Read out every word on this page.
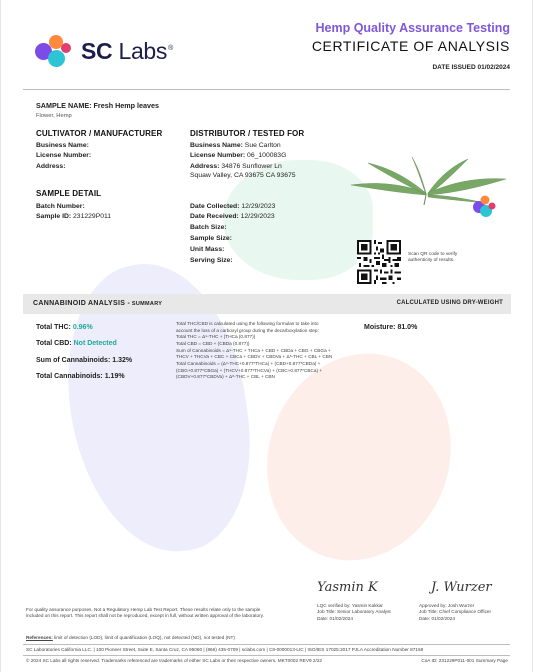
SC Labs®
Hemp Quality Assurance Testing
CERTIFICATE OF ANALYSIS
DATE ISSUED 01/02/2024
SAMPLE NAME: Fresh Hemp leaves
Flower, Hemp
CULTIVATOR / MANUFACTURER
Business Name:
License Number:
Address:
DISTRIBUTOR / TESTED FOR
Business Name: Sue Carlton
License Number: 06_100083G
Address: 34876 Sunflower Ln
Squaw Valley, CA 93675 CA 93675
SAMPLE DETAIL
Batch Number:
Sample ID: 231229P011
Date Collected: 12/29/2023
Date Received: 12/29/2023
Batch Size:
Sample Size:
Unit Mass:
Serving Size:
Scan QR code to verify
authenticity of results.
CANNABINOID ANALYSIS - SUMMARY	CALCULATED USING DRY-WEIGHT
Total THC: 0.96%
Total CBD: Not Detected
Sum of Cannabinoids: 1.32%
Total Cannabinoids: 1.19%
Total THC/CBD is calculated using the following formulas to take into
account the loss of a carboxyl group during the decarboxylation step:
Total THC = Δ⁹-THC + (THCa (0.877))
Total CBD = CBD + (CBDa (0.877))
Sum of Cannabinoids = Δ⁹-THC + THCa + CBD + CBDa + CBG + CBGa +
THCV + THCVa + CBC + CBCa + CBDV + CBDVa + Δ⁸-THC + CBL + CBN
Total Cannabinoids = (Δ⁹-THC+0.877*THCa) + (CBD+0.877*CBDa) +
(CBG+0.877*CBGa) + (THCV+0.877*THCVa) + (CBC+0.877*CBCa) +
(CBDV+0.877*CBDVa) + Δ⁸-THC + CBL + CBN
Moisture: 81.0%
Yasmin K
LQC verified by: Yasmin Kakkar
Job Title: Senior Laboratory Analyst
Date: 01/02/2024
J. Wurzer
Approved by: Josh Wurzer
Job Title: Chief Compliance Officer
Date: 01/02/2024
For quality assurance purposes. Not a Regulatory Hemp Lab Test Report. These results relate only to the sample included on this report. This report shall not be reproduced, except in full, without written approval of the laboratory.
References: limit of detection (LOD), limit of quantification (LOQ), not detected (ND), not tested (NT)
SC Laboratories California LLC. | 100 Pioneer Street, Suite E, Santa Cruz, CA 95060 | (866) 435-0709 | sclabs.com | C8-0000013-LIC | ISO/IES 17025:2017 PJLA Accreditation Number 87168
© 2024 SC Labs all rights reserved. Trademarks referenced are trademarks of either SC Labs or their respective owners. MKT0002 REV9 2/22	CoA ID: 231229P011-001 Summary Page
